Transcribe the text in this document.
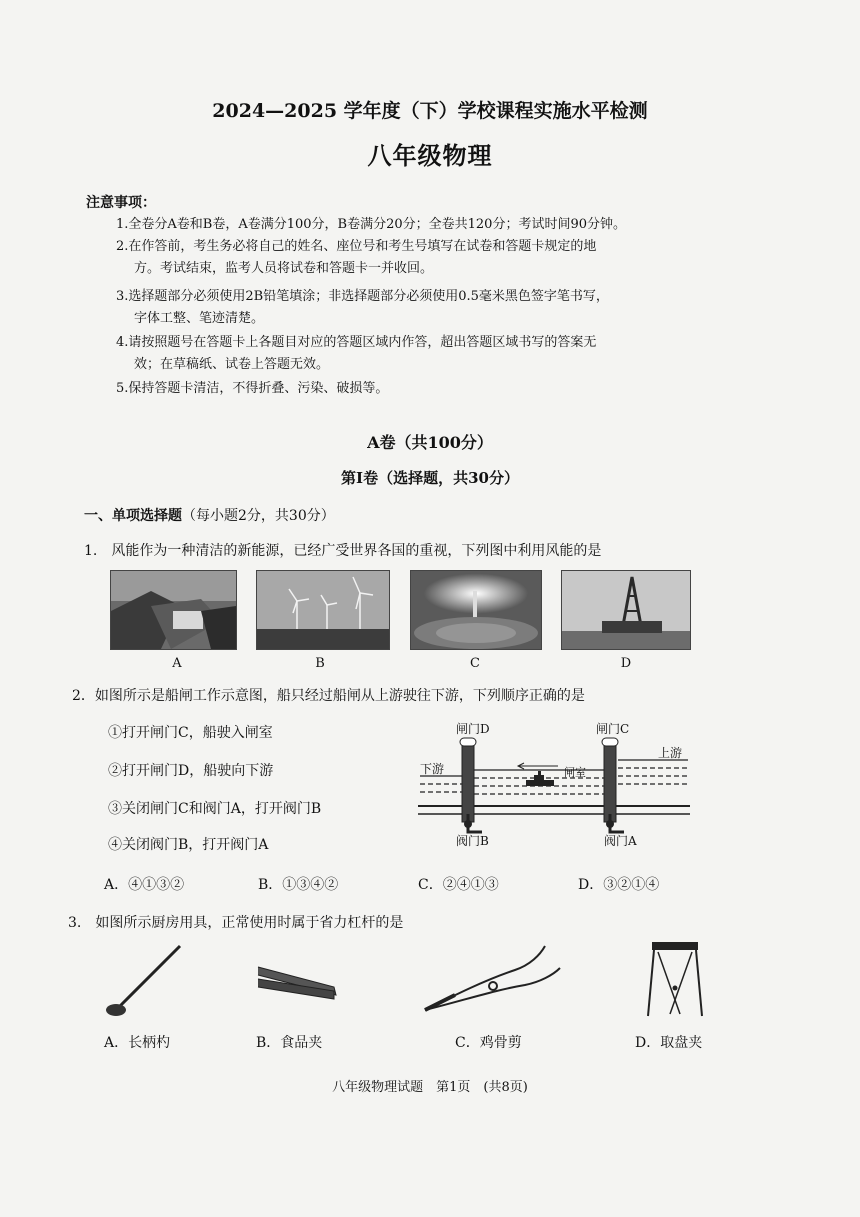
2024—2025 学年度（下）学校课程实施水平检测
八年级物理
注意事项：
1.全卷分A卷和B卷，A卷满分100分，B卷满分20分；全卷共120分；考试时间90分钟。
2.在作答前，考生务必将自己的姓名、座位号和考生号填写在试卷和答题卡规定的地
方。考试结束，监考人员将试卷和答题卡一并收回。
3.选择题部分必须使用2B铅笔填涂；非选择题部分必须使用0.5毫米黑色签字笔书写，
字体工整、笔迹清楚。
4.请按照题号在答题卡上各题目对应的答题区域内作答，超出答题区域书写的答案无
效；在草稿纸、试卷上答题无效。
5.保持答题卡清洁，不得折叠、污染、破损等。
A卷（共100分）
第Ⅰ卷（选择题，共30分）
一、单项选择题（每小题2分，共30分）
1.　风能作为一种清洁的新能源，已经广受世界各国的重视，下列图中利用风能的是
A	B	C	D
2．如图所示是船闸工作示意图，船只经过船闸从上游驶往下游，下列顺序正确的是
①打开闸门C，船驶入闸室
②打开闸门D，船驶向下游
③关闭闸门C和阀门A，打开阀门B
④关闭阀门B，打开阀门A
闸门D	闸门C
下游
上游
闸室
阀门B	阀门A
A．④①③②	B．①③④②	C．②④①③	D．③②①④
3.　如图所示厨房用具，正常使用时属于省力杠杆的是
A．长柄杓	B．食品夹	C．鸡骨剪	D．取盘夹
八年级物理试题　第1页　(共8页)
